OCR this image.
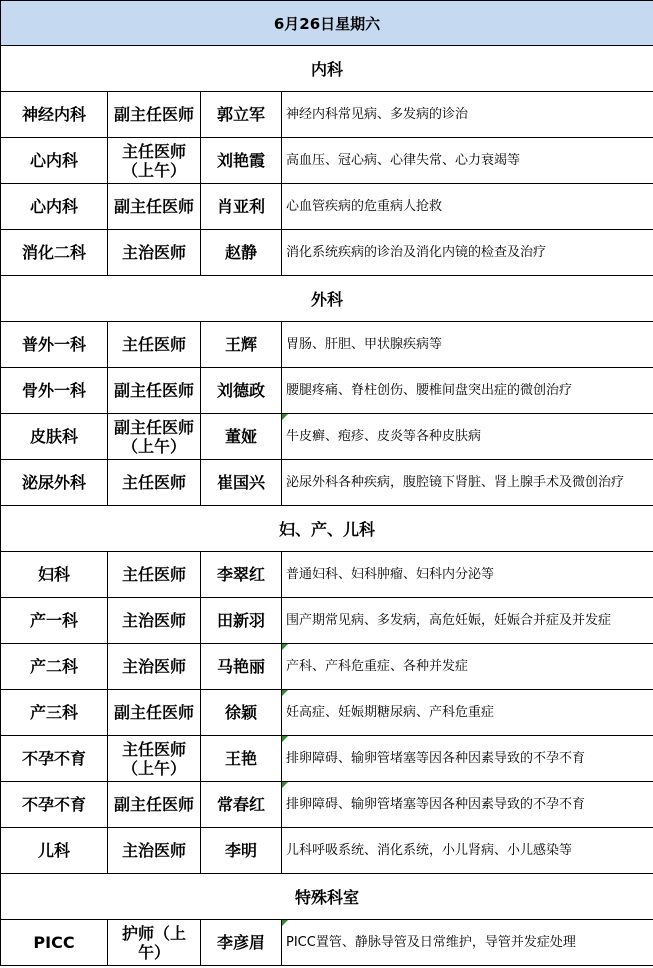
6月26日星期六			
内科			
神经内科	副主任医师	郭立军	神经内科常见病、多发病的诊治
心内科	主任医师（上午）	刘艳霞	高血压、冠心病、心律失常、心力衰竭等
心内科	副主任医师	肖亚利	心血管疾病的危重病人抢救
消化二科	主治医师	赵静	消化系统疾病的诊治及消化内镜的检查及治疗
外科			
普外一科	主任医师	王辉	胃肠、肝胆、甲状腺疾病等
骨外一科	副主任医师	刘德政	腰腿疼痛、脊柱创伤、腰椎间盘突出症的微创治疗
皮肤科	副主任医师（上午）	董娅	牛皮癣、疱疹、皮炎等各种皮肤病
泌尿外科	主任医师	崔国兴	泌尿外科各种疾病，腹腔镜下肾脏、肾上腺手术及微创治疗
妇、产、儿科			
妇科	主任医师	李翠红	普通妇科、妇科肿瘤、妇科内分泌等
产一科	主治医师	田新羽	围产期常见病、多发病，高危妊娠，妊娠合并症及并发症
产二科	主治医师	马艳丽	产科、产科危重症、各种并发症
产三科	副主任医师	徐颖	妊高症、妊娠期糖尿病、产科危重症
不孕不育	主任医师（上午）	王艳	排卵障碍、输卵管堵塞等因各种因素导致的不孕不育
不孕不育	副主任医师	常春红	排卵障碍、输卵管堵塞等因各种因素导致的不孕不育
儿科	主治医师	李明	儿科呼吸系统、消化系统，小儿肾病、小儿感染等
特殊科室			
PICC	护师（上午）	李彦眉	PICC置管、静脉导管及日常维护，导管并发症处理
